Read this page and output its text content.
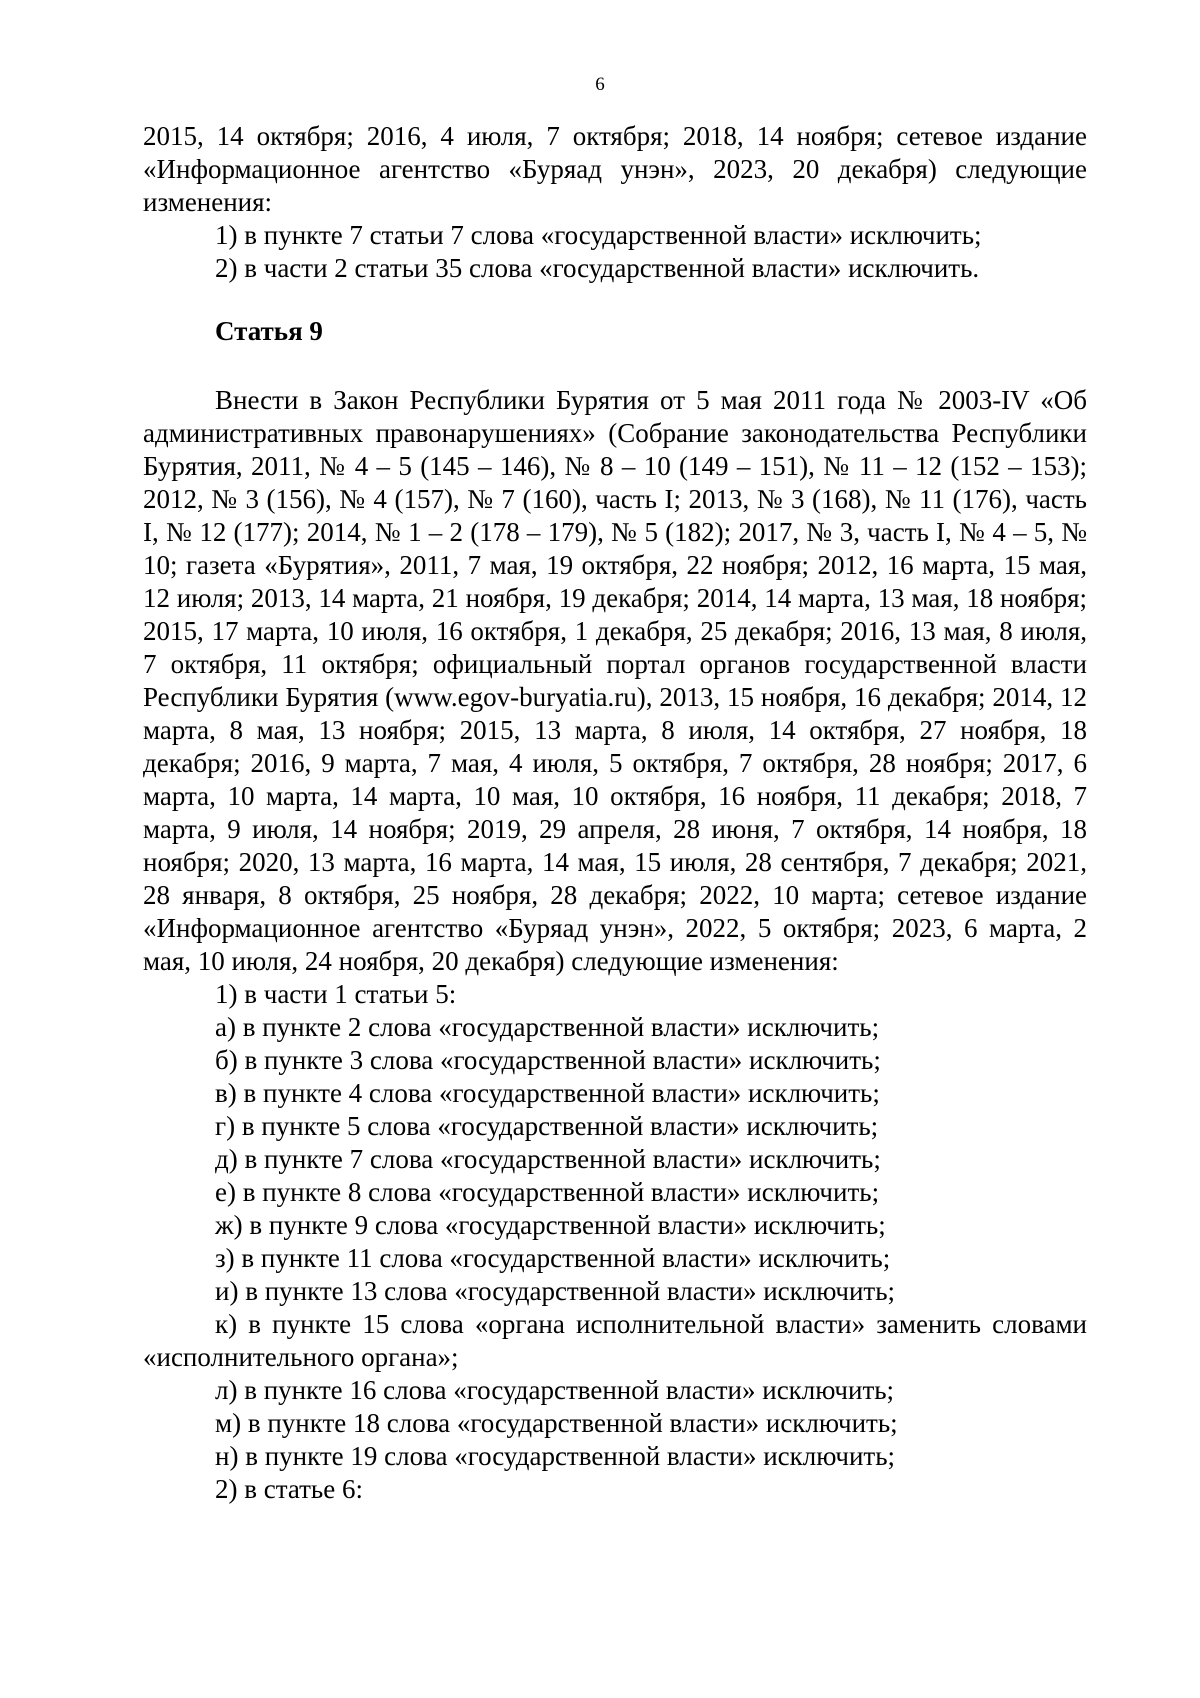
6

2015, 14 октября; 2016, 4 июля, 7 октября; 2018, 14 ноября; сетевое издание «Информационное агентство «Буряад унэн», 2023, 20 декабря) следующие изменения:

1) в пункте 7 статьи 7 слова «государственной власти» исключить;

2) в части 2 статьи 35 слова «государственной власти» исключить.

Статья 9

Внести в Закон Республики Бурятия от 5 мая 2011 года № 2003-IV «Об административных правонарушениях» (Собрание законодательства Республики Бурятия, 2011, № 4 – 5 (145 – 146), № 8 – 10 (149 – 151), № 11 – 12 (152 – 153); 2012, № 3 (156), № 4 (157), № 7 (160), часть I; 2013, № 3 (168), № 11 (176), часть I, № 12 (177); 2014, № 1 – 2 (178 – 179), № 5 (182); 2017, № 3, часть I, № 4 – 5, № 10; газета «Бурятия», 2011, 7 мая, 19 октября, 22 ноября; 2012, 16 марта, 15 мая, 12 июля; 2013, 14 марта, 21 ноября, 19 декабря; 2014, 14 марта, 13 мая, 18 ноября; 2015, 17 марта, 10 июля, 16 октября, 1 декабря, 25 декабря; 2016, 13 мая, 8 июля, 7 октября, 11 октября; официальный портал органов государственной власти Республики Бурятия (www.egov-buryatia.ru), 2013, 15 ноября, 16 декабря; 2014, 12 марта, 8 мая, 13 ноября; 2015, 13 марта, 8 июля, 14 октября, 27 ноября, 18 декабря; 2016, 9 марта, 7 мая, 4 июля, 5 октября, 7 октября, 28 ноября; 2017, 6 марта, 10 марта, 14 марта, 10 мая, 10 октября, 16 ноября, 11 декабря; 2018, 7 марта, 9 июля, 14 ноября; 2019, 29 апреля, 28 июня, 7 октября, 14 ноября, 18 ноября; 2020, 13 марта, 16 марта, 14 мая, 15 июля, 28 сентября, 7 декабря; 2021, 28 января, 8 октября, 25 ноября, 28 декабря; 2022, 10 марта; сетевое издание «Информационное агентство «Буряад унэн», 2022, 5 октября; 2023, 6 марта, 2 мая, 10 июля, 24 ноября, 20 декабря) следующие изменения:

1) в части 1 статьи 5:

а) в пункте 2 слова «государственной власти» исключить;

б) в пункте 3 слова «государственной власти» исключить;

в) в пункте 4 слова «государственной власти» исключить;

г) в пункте 5 слова «государственной власти» исключить;

д) в пункте 7 слова «государственной власти» исключить;

е) в пункте 8 слова «государственной власти» исключить;

ж) в пункте 9 слова «государственной власти» исключить;

з) в пункте 11 слова «государственной власти» исключить;

и) в пункте 13 слова «государственной власти» исключить;

к) в пункте 15 слова «органа исполнительной власти» заменить словами «исполнительного органа»;

л) в пункте 16 слова «государственной власти» исключить;

м) в пункте 18 слова «государственной власти» исключить;

н) в пункте 19 слова «государственной власти» исключить;

2) в статье 6:
